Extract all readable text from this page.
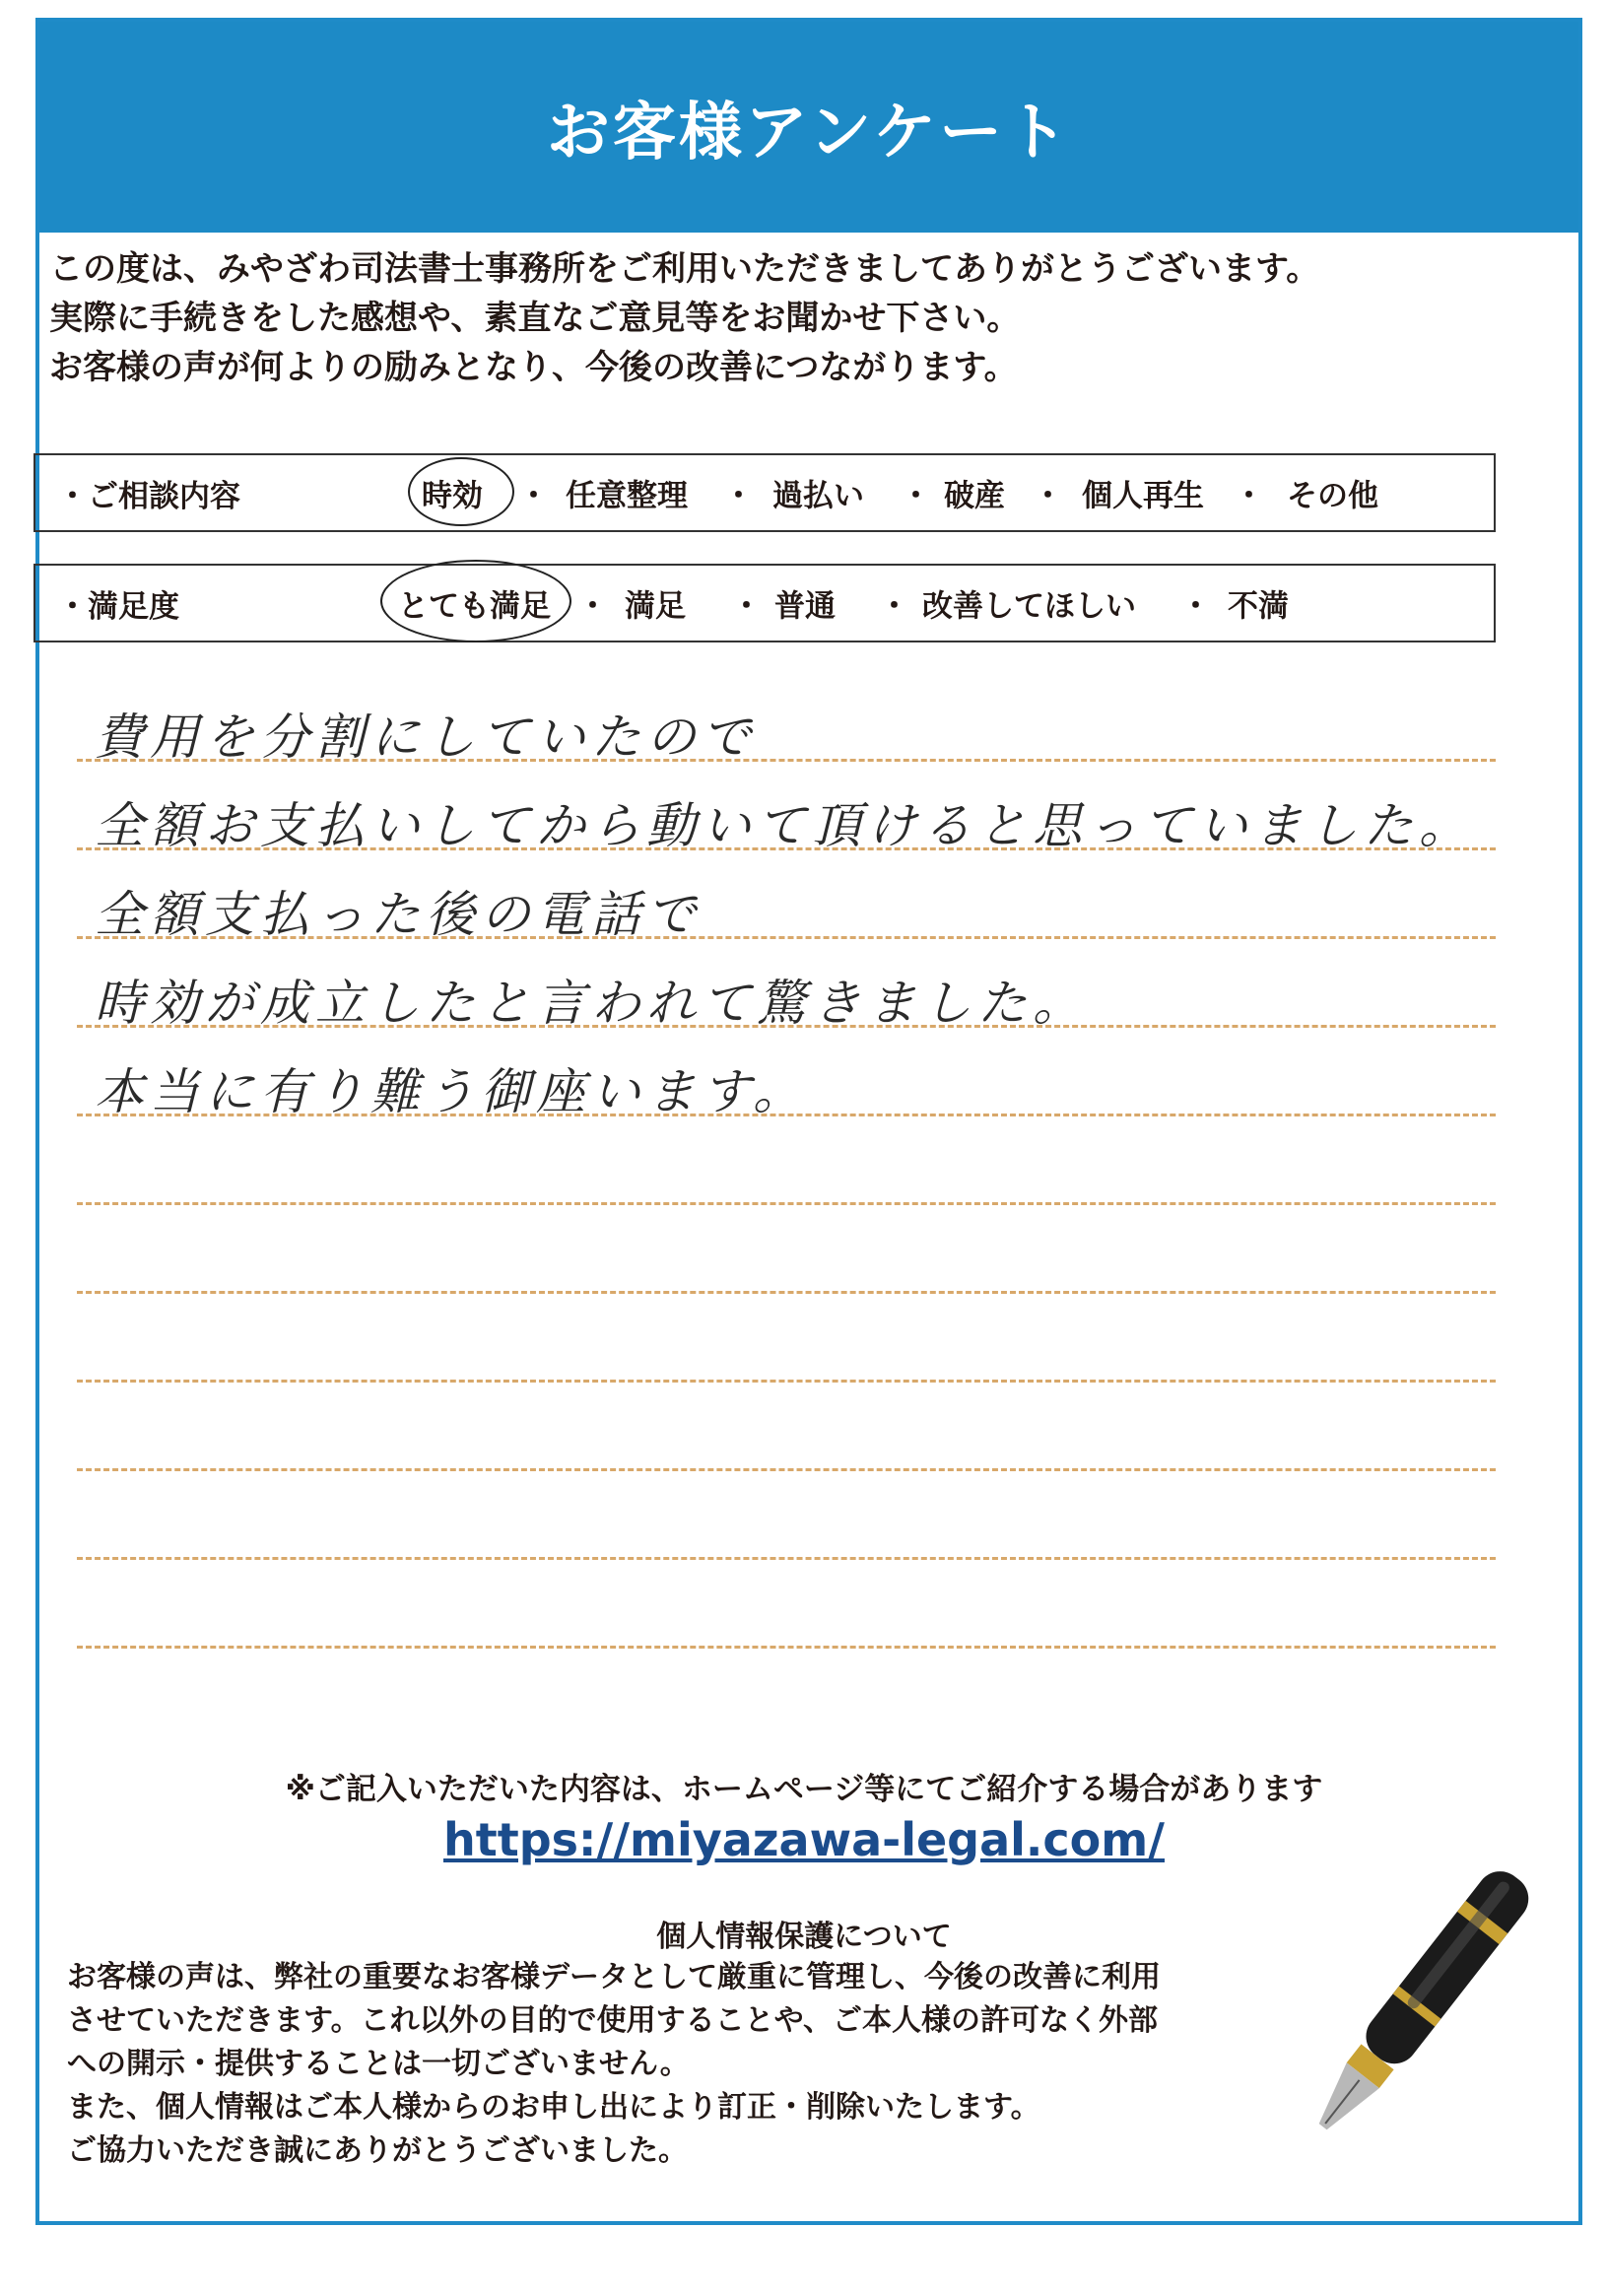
お客様アンケート
この度は、みやざわ司法書士事務所をご利用いただきましてありがとうございます。
実際に手続きをした感想や、素直なご意見等をお聞かせ下さい。
お客様の声が何よりの励みとなり、今後の改善につながります。
・ご相談内容	時効 ・ 任意整理 ・ 過払い ・ 破産 ・ 個人再生 ・ その他
・満足度	とても満足 ・ 満足 ・ 普通 ・ 改善してほしい ・ 不満
費用を分割にしていたので
全額お支払いしてから動いて頂けると思っていました。
全額支払った後の電話で
時効が成立したと言われて驚きました。
本当に有り難う御座います。
※ご記入いただいた内容は、ホームページ等にてご紹介する場合があります
https://miyazawa-legal.com/
個人情報保護について
お客様の声は、弊社の重要なお客様データとして厳重に管理し、今後の改善に利用
させていただきます。これ以外の目的で使用することや、ご本人様の許可なく外部
への開示・提供することは一切ございません。
また、個人情報はご本人様からのお申し出により訂正・削除いたします。
ご協力いただき誠にありがとうございました。
